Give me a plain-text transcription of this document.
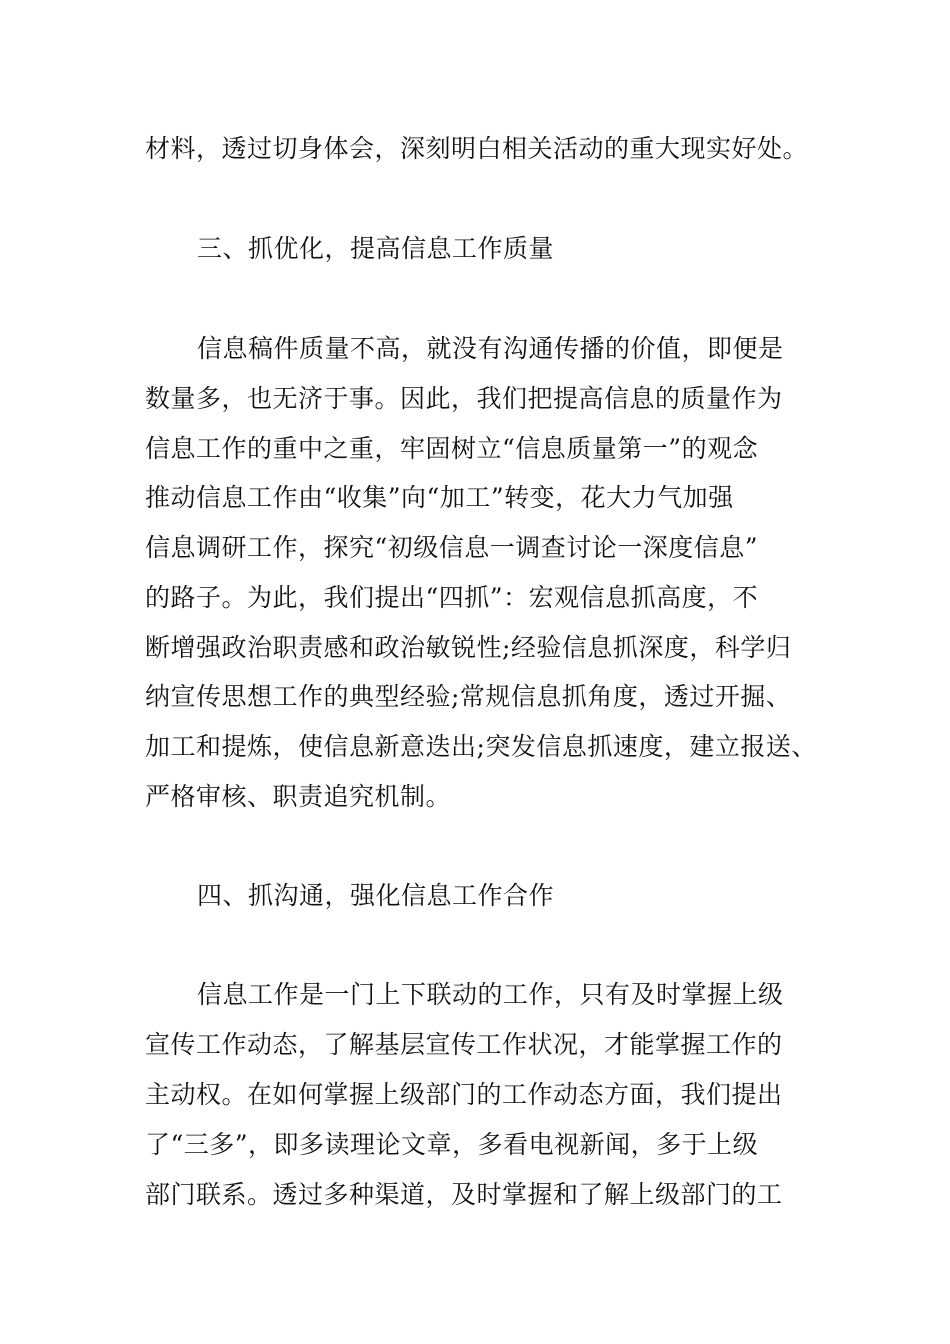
材料，透过切身体会，深刻明白相关活动的重大现实好处。
三、抓优化，提高信息工作质量
信息稿件质量不高，就没有沟通传播的价值，即便是
数量多，也无济于事。因此，我们把提高信息的质量作为
信息工作的重中之重，牢固树立“信息质量第一”的观念
推动信息工作由“收集”向“加工”转变，花大力气加强
信息调研工作，探究“初级信息一调查讨论一深度信息”
的路子。为此，我们提出“四抓”：宏观信息抓高度，不
断增强政治职责感和政治敏锐性;经验信息抓深度，科学归
纳宣传思想工作的典型经验;常规信息抓角度，透过开掘、
加工和提炼，使信息新意迭出;突发信息抓速度，建立报送、
严格审核、职责追究机制。
四、抓沟通，强化信息工作合作
信息工作是一门上下联动的工作，只有及时掌握上级
宣传工作动态，了解基层宣传工作状况，才能掌握工作的
主动权。在如何掌握上级部门的工作动态方面，我们提出
了“三多”，即多读理论文章，多看电视新闻，多于上级
部门联系。透过多种渠道，及时掌握和了解上级部门的工
